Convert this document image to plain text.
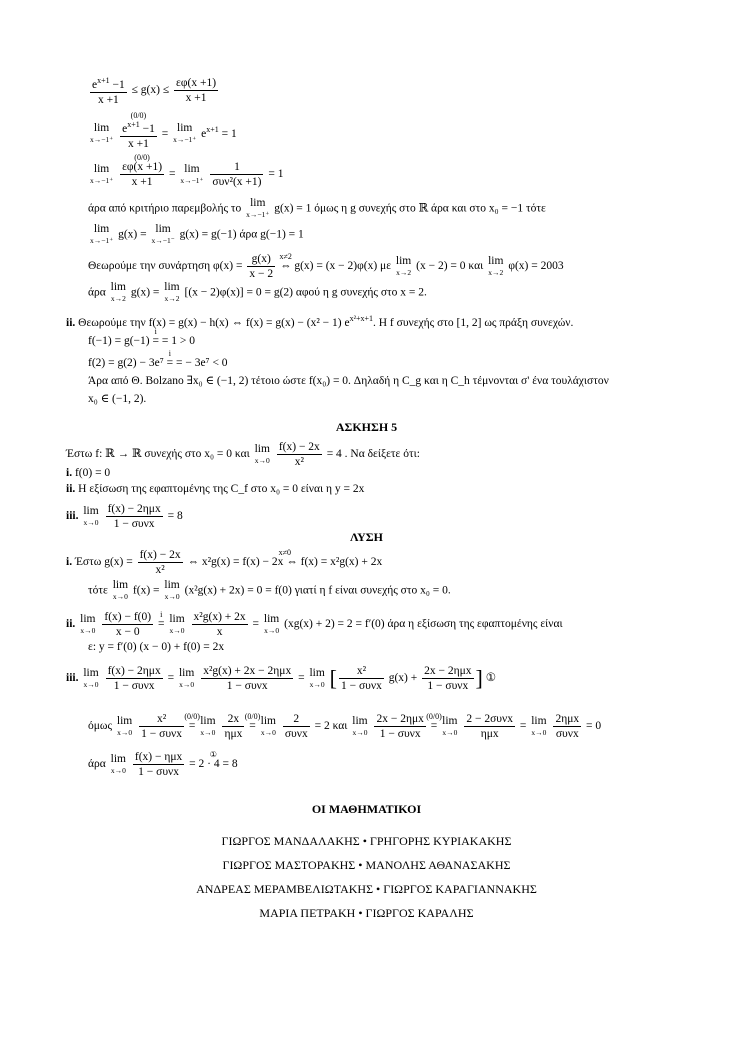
$\frac{e^{x+1} -1}{x +1} \le g(x) \le \frac{\varepsilon\varphi(x +1)}{x +1}$
lim
x→−1⁺

(0/0)
$e^{x+1} -1$
x +1
= lim
x→−1⁺ $e^{x+1} = 1$
lim
x→−1⁺

(0/0)
εφ(x +1)
x +1
= lim
x→−1⁺
$\frac{1}{\text{συν²(x +1)}} = 1$
άρα από κριτήριο παρεμβολής το lim
x→−1⁺ g(x) = 1 όμως η g συνεχής στο ℝ άρα και στο x₀ = −1 τότε
lim
x→−1⁺ g(x) = lim
x→−1⁻ g(x) = g(−1) άρα g(−1) = 1
Θεωρούμε την συνάρτηση $\varphi(x) = \frac{g(x)}{x - 2}$
x≠2
⇔ g(x) = (x − 2)φ(x) με lim
x→2 (x − 2) = 0 και lim
x→2 φ(x) = 2003
άρα lim
x→2 g(x) = lim
x→2 [(x − 2)φ(x)] = 0 = g(2) αφού η g συνεχής στο x = 2.
ii. Θεωρούμε την f(x) = g(x) − h(x) ⇔ f(x) = g(x) − (x² − 1) $e^{x^2+x+1}$. Η f συνεχής στο [1, 2] ως πράξη συνεχών.
f(−1) = g(−1)
i
= = 1 > 0
f(2) = g(2) − 3e⁷
i
= = − 3e⁷ < 0
Άρα από Θ. Bolzano ∃x₀ ∈ (−1, 2) τέτοιο ώστε f(x₀) = 0. Δηλαδή η C_g και η C_h τέμνονται σ' ένα τουλάχιστον
x₀ ∈ (−1, 2).
ΑΣΚΗΣΗ 5
Έστω f: ℝ → ℝ συνεχής στο x₀ = 0 και lim
x→0
$\frac{f(x) - 2x}{\text{x²}} = 4$ . Να δείξετε ότι:
i. f(0) = 0
ii. Η εξίσωση της εφαπτομένης της C_f στο x₀ = 0 είναι η y = 2x
iii. lim
x→0
$\frac{\text{f(x) − 2ημx}}{\text{1 − συνx}} = 8$
ΛΥΣΗ
i. Έστω $g(x) = \frac{f(x) - 2x}{\text{x²}}$
	x≠0
⇔ x²g(x) = f(x) − 2x ⇔ f(x) = x²g(x) + 2x
τότε lim
x→0 f(x) = lim
x→0 (x²g(x) + 2x) = 0 = f(0) γιατί η f είναι συνεχής στο x₀ = 0.
ii. lim
x→0
$\frac{f(x) - f(0)}{x - 0}$
i
= lim
x→0
$\frac{\text{x²g(x) + 2x}}{x} = \lim$
x→0 (xg(x) + 2) = 2 = f′(0) άρα η εξίσωση της εφαπτομένης είναι
ε: y = f′(0) (x − 0) + f(0) = 2x
iii. lim
x→0
$\frac{\text{f(x) − 2ημx}}{\text{1 − συνx}} = \lim$
x→0
$\frac{\text{x²g(x) + 2x − 2ημx}}{\text{1 − συνx}} = \lim$
x→0 [ $\frac{\text{x²}}{\text{1 − συνx}} g(x) + \frac{\text{2x − 2ημx}}{\text{1 − συνx}}$ ] ①
όμως lim
x→0
$\frac{\text{x²}}{\text{1 − συνx}}$
(0/0)
= lim
x→0
$\frac{2x}{\text{ημx}}$
(0/0)
= lim
x→0
$\frac{2}{\text{συνx}} = 2$ και lim
x→0
$\frac{\text{2x − 2ημx}}{\text{1 − συνx}}$
(0/0)
= lim
x→0
$\frac{\text{2 − 2συνx}}{\text{ημx}} = \lim$
x→0
$\frac{\text{2ημx}}{\text{συνx}} = 0$
άρα lim
x→0
$\frac{\text{f(x) − ημx}}{\text{1 − συνx}}$
	①
= 2 · 4 = 8
ΟΙ ΜΑΘΗΜΑΤΙΚΟΙ
ΓΙΩΡΓΟΣ ΜΑΝΔΑΛΑΚΗΣ • ΓΡΗΓΟΡΗΣ ΚΥΡΙΑΚΑΚΗΣ
ΓΙΩΡΓΟΣ ΜΑΣΤΟΡΑΚΗΣ • ΜΑΝΟΛΗΣ ΑΘΑΝΑΣΑΚΗΣ
ΑΝΔΡΕΑΣ ΜΕΡΑΜΒΕΛΙΩΤΑΚΗΣ • ΓΙΩΡΓΟΣ ΚΑΡΑΓΙΑΝΝΑΚΗΣ
ΜΑΡΙΑ ΠΕΤΡΑΚΗ • ΓΙΩΡΓΟΣ ΚΑΡΑΛΗΣ
